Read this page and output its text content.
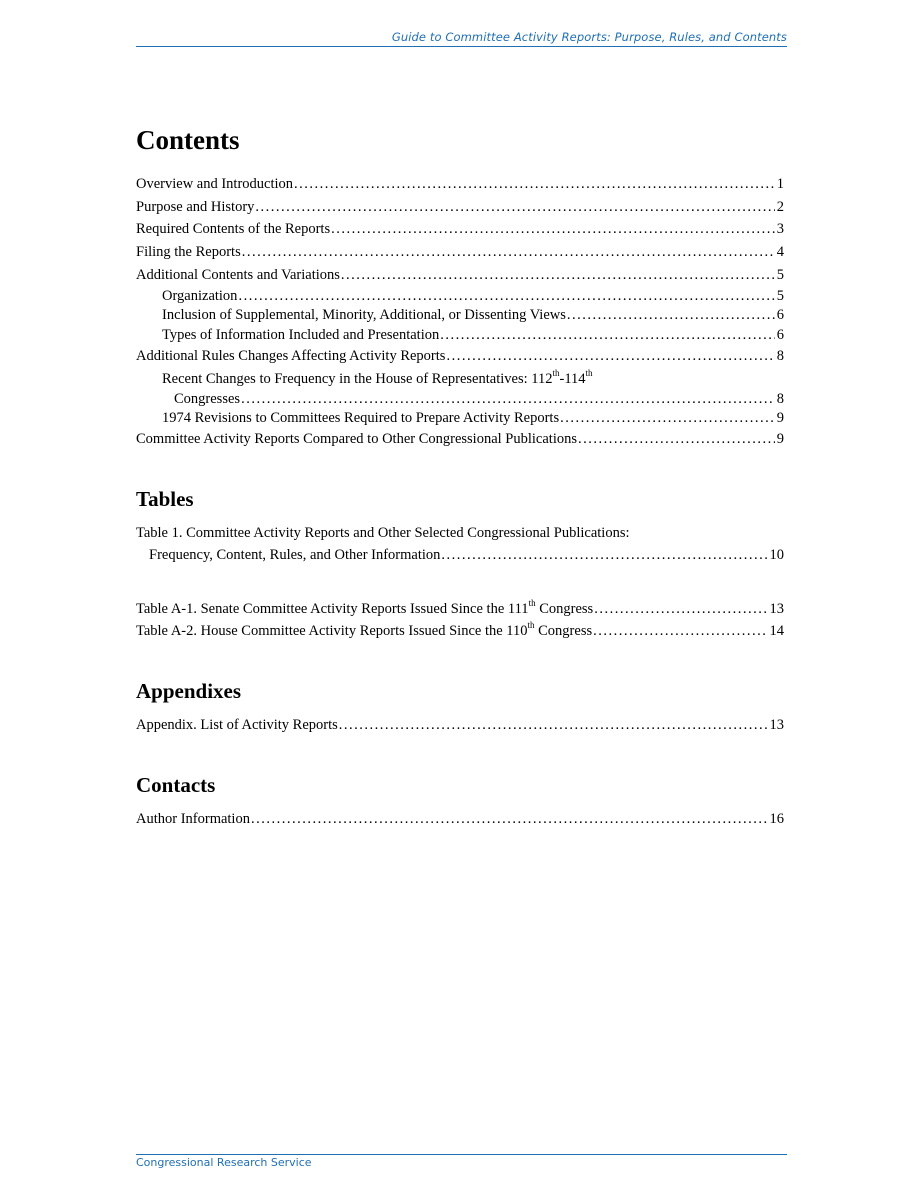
Guide to Committee Activity Reports: Purpose, Rules, and Contents
Contents
Overview and Introduction .....	1
Purpose and History .....	2
Required Contents of the Reports .....	3
Filing the Reports .....	4
Additional Contents and Variations .....	5
Organization .....	5
Inclusion of Supplemental, Minority, Additional, or Dissenting Views .....	6
Types of Information Included and Presentation .....	6
Additional Rules Changes Affecting Activity Reports .....	8
Recent Changes to Frequency in the House of Representatives: 112th-114th
Congresses .....	8
1974 Revisions to Committees Required to Prepare Activity Reports .....	9
Committee Activity Reports Compared to Other Congressional Publications .....	9
Tables
Table 1. Committee Activity Reports and Other Selected Congressional Publications:
Frequency, Content, Rules, and Other Information .....	10
Table A-1. Senate Committee Activity Reports Issued Since the 111th Congress .....	13
Table A-2. House Committee Activity Reports Issued Since the 110th Congress .....	14
Appendixes
Appendix. List of Activity Reports .....	13
Contacts
Author Information .....	16
Congressional Research Service
